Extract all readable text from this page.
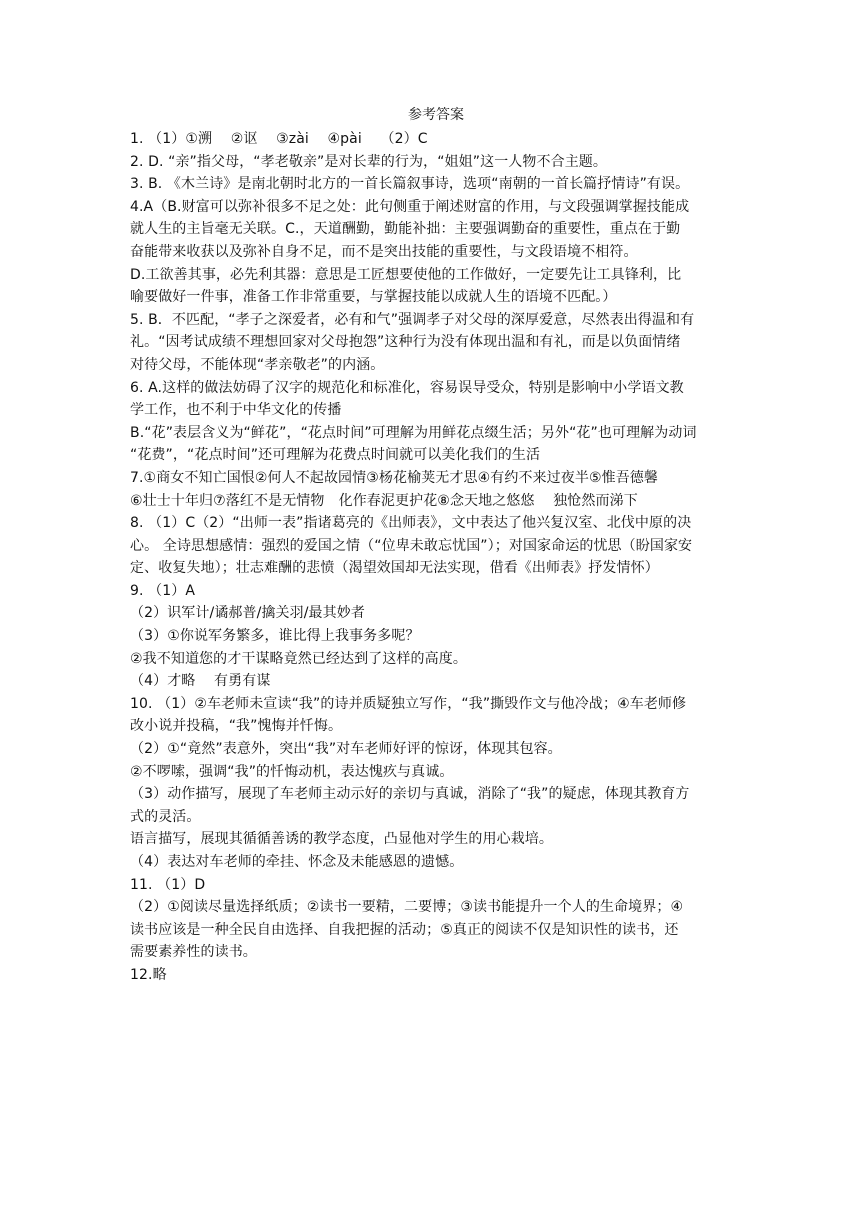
参考答案
1. （1）①溯 　②讴　 ③zài　 ④pài　 （2）C
2. D. “亲”指父母，“孝老敬亲”是对长辈的行为，“姐姐”这一人物不合主题。
3. B. 《木兰诗》是南北朝时北方的一首长篇叙事诗，选项“南朝的一首长篇抒情诗”有误。
4.A（B.财富可以弥补很多不足之处：此句侧重于阐述财富的作用，与文段强调掌握技能成
就人生的主旨毫无关联。C.，天道酬勤，勤能补拙：主要强调勤奋的重要性，重点在于勤
奋能带来收获以及弥补自身不足，而不是突出技能的重要性，与文段语境不相符。
D.工欲善其事，必先利其器：意思是工匠想要使他的工作做好，一定要先让工具锋利，比
喻要做好一件事，准备工作非常重要，与掌握技能以成就人生的语境不匹配。）
5. B．不匹配，“孝子之深爱者，必有和气”强调孝子对父母的深厚爱意，尽然表出得温和有
礼。“因考试成绩不理想回家对父母抱怨”这种行为没有体现出温和有礼，而是以负面情绪
对待父母，不能体现“孝亲敬老”的内涵。
6. A.这样的做法妨碍了汉字的规范化和标准化，容易误导受众，特别是影响中小学语文教
学工作，也不利于中华文化的传播
B.“花”表层含义为“鲜花”，“花点时间”可理解为用鲜花点缀生活；另外“花”也可理解为动词
“花费”，“花点时间”还可理解为花费点时间就可以美化我们的生活
7.①商女不知亡国恨②何人不起故园情③杨花榆荚无才思④有约不来过夜半⑤惟吾德馨
⑥壮士十年归⑦落红不是无情物　化作春泥更护花⑧念天地之悠悠　 独怆然而涕下
8. （1）C（2）“出师一表”指诸葛亮的《出师表》，文中表达了他兴复汉室、北伐中原的决
心。 全诗思想感情：强烈的爱国之情（“位卑未敢忘忧国”）；对国家命运的忧思（盼国家安
定、收复失地）；壮志难酬的悲愤（渴望效国却无法实现，借看《出师表》抒发情怀）
9. （1）A
（2）识军计/谲郝普/擒关羽/最其妙者
（3）①你说军务繁多，谁比得上我事务多呢？
②我不知道您的才干谋略竟然已经达到了这样的高度。
（4）才略　 有勇有谋
10. （1）②车老师未宣读“我”的诗并质疑独立写作，“我”撕毁作文与他冷战；④车老师修
改小说并投稿，“我”愧悔并忏悔。
（2）①“竟然”表意外，突出“我”对车老师好评的惊讶，体现其包容。
②不啰嗦，强调“我”的忏悔动机，表达愧疚与真诚。
（3）动作描写，展现了车老师主动示好的亲切与真诚，消除了“我”的疑虑，体现其教育方
式的灵活。
语言描写，展现其循循善诱的教学态度，凸显他对学生的用心栽培。
（4）表达对车老师的牵挂、怀念及未能感恩的遗憾。
11. （1）D
（2）①阅读尽量选择纸质；②读书一要精，二要博；③读书能提升一个人的生命境界；④
读书应该是一种全民自由选择、自我把握的活动；⑤真正的阅读不仅是知识性的读书，还
需要素养性的读书。
12.略
